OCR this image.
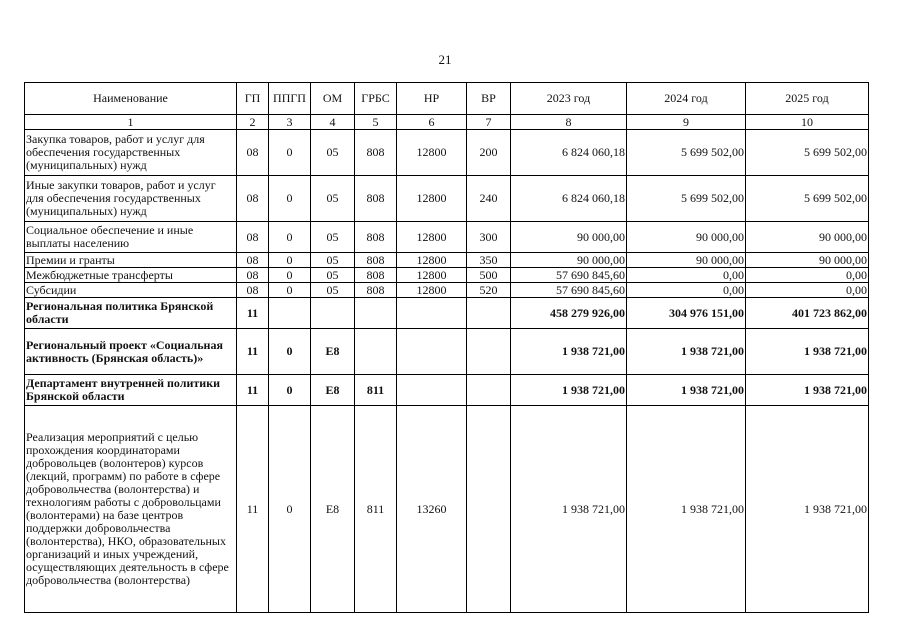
21
Наименование	ГП	ППГП	ОМ	ГРБС	НР	ВР	2023 год	2024 год	2025 год
1	2	3	4	5	6	7	8	9	10
Закупка товаров, работ и услуг для обеспечения государственных (муниципальных) нужд	08	0	05	808	12800	200	6 824 060,18	5 699 502,00	5 699 502,00
Иные закупки товаров, работ и услуг для обеспечения государственных (муниципальных) нужд	08	0	05	808	12800	240	6 824 060,18	5 699 502,00	5 699 502,00
Социальное обеспечение и иные выплаты населению	08	0	05	808	12800	300	90 000,00	90 000,00	90 000,00
Премии и гранты	08	0	05	808	12800	350	90 000,00	90 000,00	90 000,00
Межбюджетные трансферты	08	0	05	808	12800	500	57 690 845,60	0,00	0,00
Субсидии	08	0	05	808	12800	520	57 690 845,60	0,00	0,00
Региональная политика Брянской области	11						458 279 926,00	304 976 151,00	401 723 862,00
Региональный проект «Социальная активность (Брянская область)»	11	0	E8				1 938 721,00	1 938 721,00	1 938 721,00
Департамент внутренней политики Брянской области	11	0	E8	811			1 938 721,00	1 938 721,00	1 938 721,00
Реализация мероприятий с целью прохождения координаторами добровольцев (волонтеров) курсов (лекций, программ) по работе в сфере добровольчества (волонтерства) и технологиям работы с добровольцами (волонтерами) на базе центров поддержки добровольчества (волонтерства), НКО, образовательных организаций и иных учреждений, осуществляющих деятельность в сфере добровольчества (волонтерства)	11	0	E8	811	13260		1 938 721,00	1 938 721,00	1 938 721,00
